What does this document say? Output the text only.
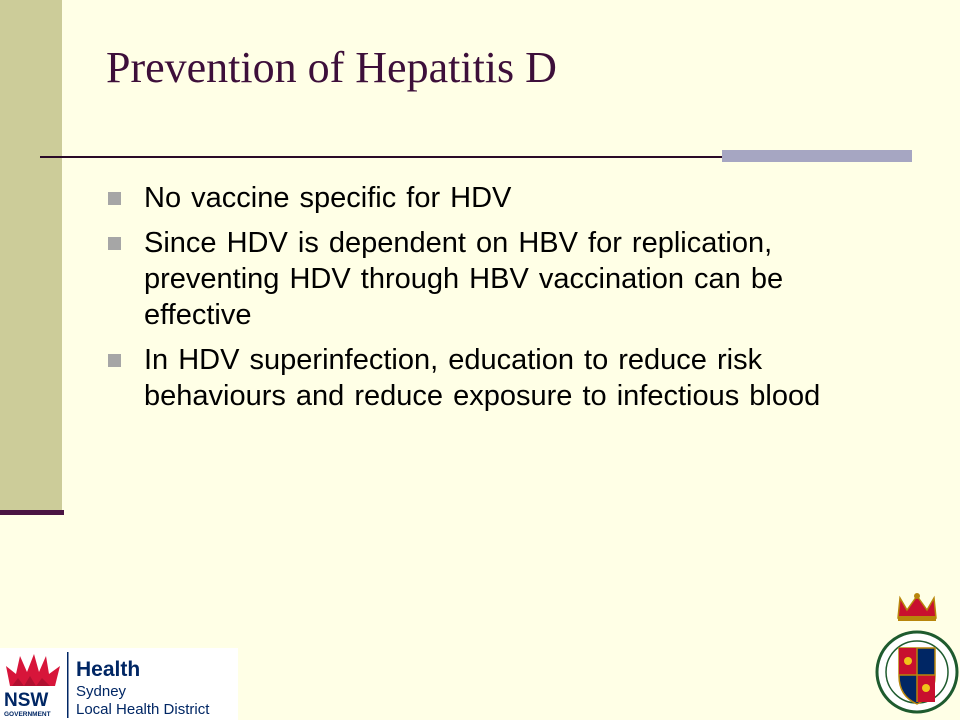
Prevention of Hepatitis D
No vaccine specific for HDV
Since HDV is dependent on HBV for replication, preventing HDV through HBV vaccination can be effective
In HDV superinfection, education to reduce risk behaviours and reduce exposure to infectious blood
NSW
GOVERNMENT
Health
Sydney
Local Health District
